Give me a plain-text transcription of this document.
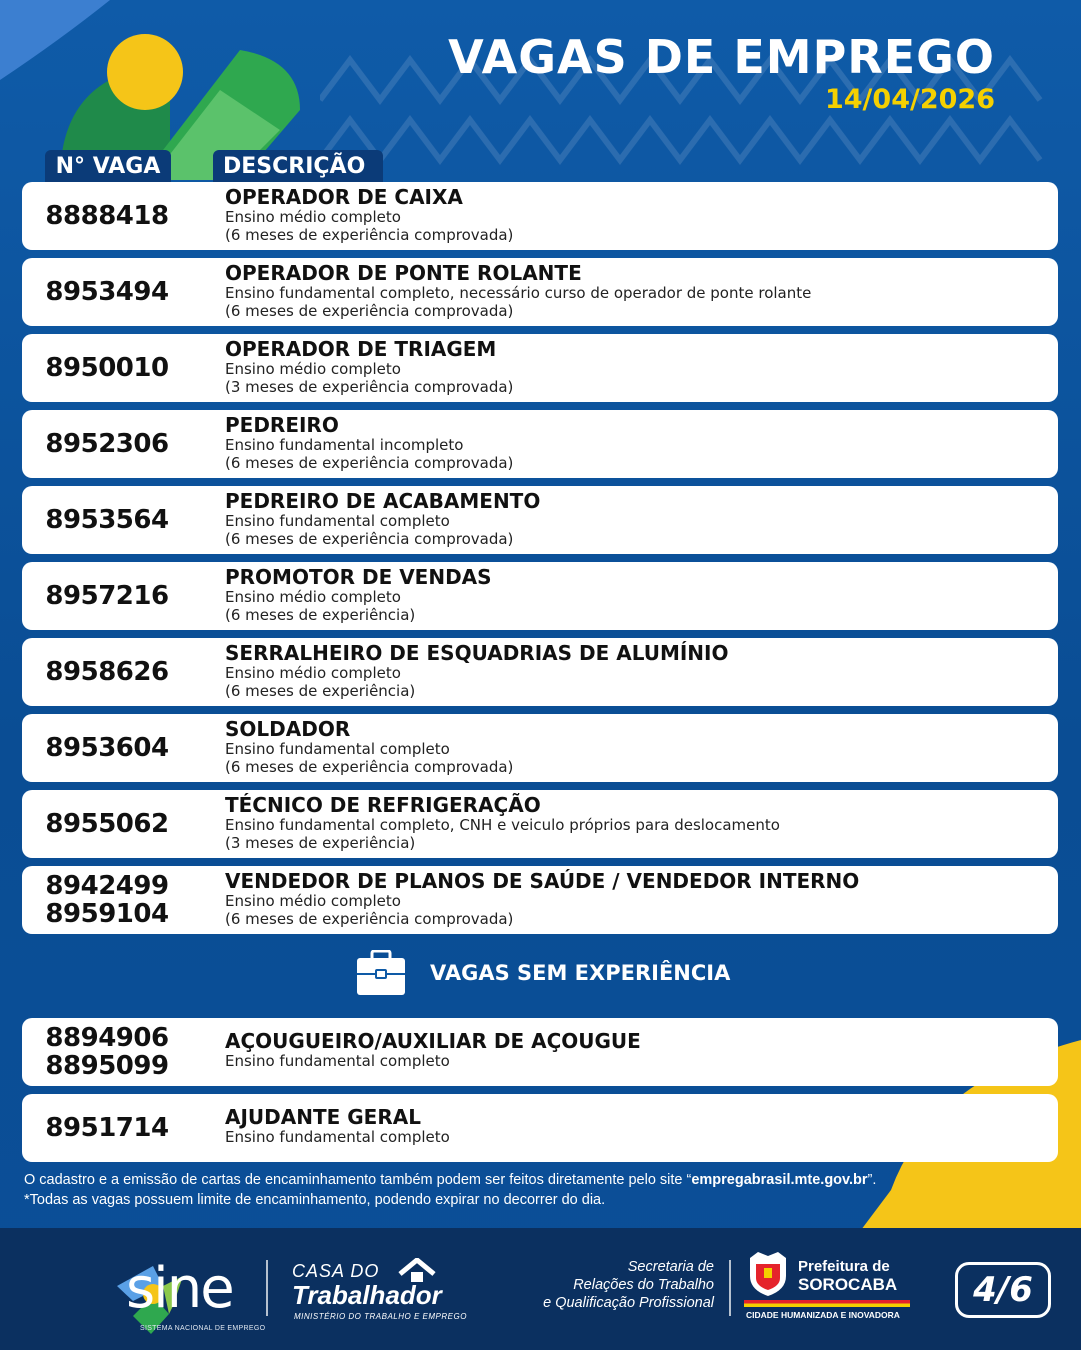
VAGAS DE EMPREGO
14/04/2026
N° VAGA	DESCRIÇÃO
8888418
OPERADOR DE CAIXA
Ensino médio completo
(6 meses de experiência comprovada)
8953494
OPERADOR DE PONTE ROLANTE
Ensino fundamental completo, necessário curso de operador de ponte rolante
(6 meses de experiência comprovada)
8950010
OPERADOR DE TRIAGEM
Ensino médio completo
(3 meses de experiência comprovada)
8952306
PEDREIRO
Ensino fundamental incompleto
(6 meses de experiência comprovada)
8953564
PEDREIRO DE ACABAMENTO
Ensino fundamental completo
(6 meses de experiência comprovada)
8957216
PROMOTOR DE VENDAS
Ensino médio completo
(6 meses de experiência)
8958626
SERRALHEIRO DE ESQUADRIAS DE ALUMÍNIO
Ensino médio completo
(6 meses de experiência)
8953604
SOLDADOR
Ensino fundamental completo
(6 meses de experiência comprovada)
8955062
TÉCNICO DE REFRIGERAÇÃO
Ensino fundamental completo, CNH e veiculo próprios para deslocamento
(3 meses de experiência)
8942499
8959104
VENDEDOR DE PLANOS DE SAÚDE / VENDEDOR INTERNO
Ensino médio completo
(6 meses de experiência comprovada)
VAGAS SEM EXPERIÊNCIA
8894906
8895099
AÇOUGUEIRO/AUXILIAR DE AÇOUGUE
Ensino fundamental completo
8951714	AJUDANTE GERAL
Ensino fundamental completo
O cadastro e a emissão de cartas de encaminhamento também podem ser feitos diretamente pelo site “empregabrasil.mte.gov.br”.
*Todas as vagas possuem limite de encaminhamento, podendo expirar no decorrer do dia.
sine
SISTEMA NACIONAL DE EMPREGO
CASA DO
Trabalhador
MINISTÉRIO DO TRABALHO E EMPREGO
Secretaria de
Relações do Trabalho
e Qualificação Profissional
Prefeitura de
SOROCABA
CIDADE HUMANIZADA E INOVADORA
4/6
